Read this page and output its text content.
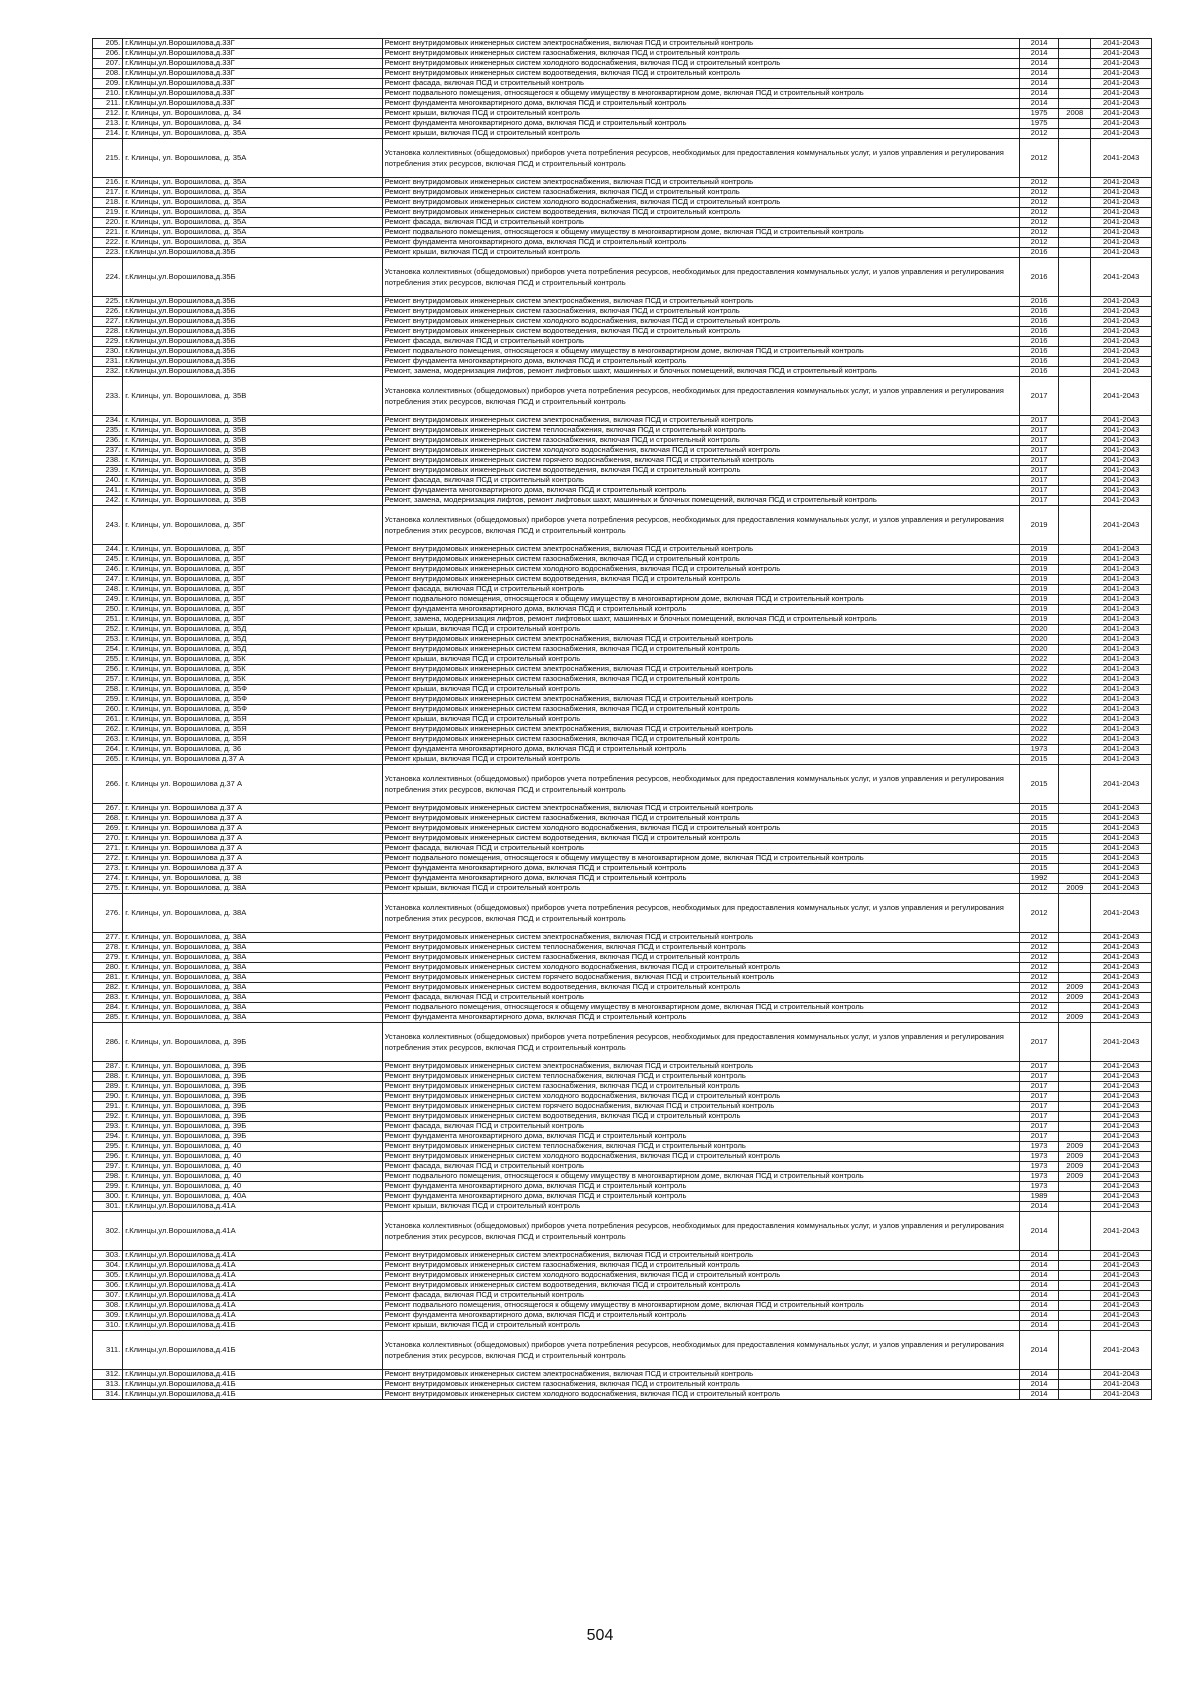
205.	г.Клинцы,ул.Ворошилова,д.33Г	Ремонт внутридомовых инженерных систем электроснабжения, включая ПСД и строительный контроль	2014		2041-2043
206.	г.Клинцы,ул.Ворошилова,д.33Г	Ремонт внутридомовых инженерных систем газоснабжения, включая ПСД и строительный контроль	2014		2041-2043
207.	г.Клинцы,ул.Ворошилова,д.33Г	Ремонт внутридомовых инженерных систем холодного водоснабжения, включая ПСД и строительный контроль	2014		2041-2043
208.	г.Клинцы,ул.Ворошилова,д.33Г	Ремонт внутридомовых инженерных систем водоотведения, включая ПСД и строительный контроль	2014		2041-2043
209.	г.Клинцы,ул.Ворошилова,д.33Г	Ремонт фасада, включая ПСД и строительный контроль	2014		2041-2043
210.	г.Клинцы,ул.Ворошилова,д.33Г	Ремонт подвального помещения, относящегося к общему имуществу в многоквартирном доме, включая ПСД и строительный контроль	2014		2041-2043
211.	г.Клинцы,ул.Ворошилова,д.33Г	Ремонт фундамента многоквартирного дома, включая ПСД и строительный контроль	2014		2041-2043
212.	г. Клинцы, ул. Ворошилова, д. 34	Ремонт крыши, включая ПСД и строительный контроль	1975	2008	2041-2043
213.	г. Клинцы, ул. Ворошилова, д. 34	Ремонт фундамента многоквартирного дома, включая ПСД и строительный контроль	1975		2041-2043
214.	г. Клинцы, ул. Ворошилова, д. 35А	Ремонт крыши, включая ПСД и строительный контроль	2012		2041-2043
215.	г. Клинцы, ул. Ворошилова, д. 35А	Установка коллективных (общедомовых) приборов учета потребления ресурсов, необходимых для предоставления коммунальных услуг, и узлов управления и регулирования потребления этих ресурсов, включая ПСД и строительный контроль	2012		2041-2043
216.	г. Клинцы, ул. Ворошилова, д. 35А	Ремонт внутридомовых инженерных систем электроснабжения, включая ПСД и строительный контроль	2012		2041-2043
217.	г. Клинцы, ул. Ворошилова, д. 35А	Ремонт внутридомовых инженерных систем газоснабжения, включая ПСД и строительный контроль	2012		2041-2043
218.	г. Клинцы, ул. Ворошилова, д. 35А	Ремонт внутридомовых инженерных систем холодного водоснабжения, включая ПСД и строительный контроль	2012		2041-2043
219.	г. Клинцы, ул. Ворошилова, д. 35А	Ремонт внутридомовых инженерных систем водоотведения, включая ПСД и строительный контроль	2012		2041-2043
220.	г. Клинцы, ул. Ворошилова, д. 35А	Ремонт фасада, включая ПСД и строительный контроль	2012		2041-2043
221.	г. Клинцы, ул. Ворошилова, д. 35А	Ремонт подвального помещения, относящегося к общему имуществу в многоквартирном доме, включая ПСД и строительный контроль	2012		2041-2043
222.	г. Клинцы, ул. Ворошилова, д. 35А	Ремонт фундамента многоквартирного дома, включая ПСД и строительный контроль	2012		2041-2043
223.	г.Клинцы,ул.Ворошилова,д.35Б	Ремонт крыши, включая ПСД и строительный контроль	2016		2041-2043
224.	г.Клинцы,ул.Ворошилова,д.35Б	Установка коллективных (общедомовых) приборов учета потребления ресурсов, необходимых для предоставления коммунальных услуг, и узлов управления и регулирования потребления этих ресурсов, включая ПСД и строительный контроль	2016		2041-2043
225.	г.Клинцы,ул.Ворошилова,д.35Б	Ремонт внутридомовых инженерных систем электроснабжения, включая ПСД и строительный контроль	2016		2041-2043
226.	г.Клинцы,ул.Ворошилова,д.35Б	Ремонт внутридомовых инженерных систем газоснабжения, включая ПСД и строительный контроль	2016		2041-2043
227.	г.Клинцы,ул.Ворошилова,д.35Б	Ремонт внутридомовых инженерных систем холодного водоснабжения, включая ПСД и строительный контроль	2016		2041-2043
228.	г.Клинцы,ул.Ворошилова,д.35Б	Ремонт внутридомовых инженерных систем водоотведения, включая ПСД и строительный контроль	2016		2041-2043
229.	г.Клинцы,ул.Ворошилова,д.35Б	Ремонт фасада, включая ПСД и строительный контроль	2016		2041-2043
230.	г.Клинцы,ул.Ворошилова,д.35Б	Ремонт подвального помещения, относящегося к общему имуществу в многоквартирном доме, включая ПСД и строительный контроль	2016		2041-2043
231.	г.Клинцы,ул.Ворошилова,д.35Б	Ремонт фундамента многоквартирного дома, включая ПСД и строительный контроль	2016		2041-2043
232.	г.Клинцы,ул.Ворошилова,д.35Б	Ремонт, замена, модернизация лифтов, ремонт лифтовых шахт, машинных и блочных помещений, включая ПСД и строительный контроль	2016		2041-2043
233.	г. Клинцы, ул. Ворошилова, д. 35В	Установка коллективных (общедомовых) приборов учета потребления ресурсов, необходимых для предоставления коммунальных услуг, и узлов управления и регулирования потребления этих ресурсов, включая ПСД и строительный контроль	2017		2041-2043
234.	г. Клинцы, ул. Ворошилова, д. 35В	Ремонт внутридомовых инженерных систем электроснабжения, включая ПСД и строительный контроль	2017		2041-2043
235.	г. Клинцы, ул. Ворошилова, д. 35В	Ремонт внутридомовых инженерных систем теплоснабжения, включая ПСД и строительный контроль	2017		2041-2043
236.	г. Клинцы, ул. Ворошилова, д. 35В	Ремонт внутридомовых инженерных систем газоснабжения, включая ПСД и строительный контроль	2017		2041-2043
237.	г. Клинцы, ул. Ворошилова, д. 35В	Ремонт внутридомовых инженерных систем холодного водоснабжения, включая ПСД и строительный контроль	2017		2041-2043
238.	г. Клинцы, ул. Ворошилова, д. 35В	Ремонт внутридомовых инженерных систем горячего водоснабжения, включая ПСД и строительный контроль	2017		2041-2043
239.	г. Клинцы, ул. Ворошилова, д. 35В	Ремонт внутридомовых инженерных систем водоотведения, включая ПСД и строительный контроль	2017		2041-2043
240.	г. Клинцы, ул. Ворошилова, д. 35В	Ремонт фасада, включая ПСД и строительный контроль	2017		2041-2043
241.	г. Клинцы, ул. Ворошилова, д. 35В	Ремонт фундамента многоквартирного дома, включая ПСД и строительный контроль	2017		2041-2043
242.	г. Клинцы, ул. Ворошилова, д. 35В	Ремонт, замена, модернизация лифтов, ремонт лифтовых шахт, машинных и блочных помещений, включая ПСД и строительный контроль	2017		2041-2043
243.	г. Клинцы, ул. Ворошилова, д. 35Г	Установка коллективных (общедомовых) приборов учета потребления ресурсов, необходимых для предоставления коммунальных услуг, и узлов управления и регулирования потребления этих ресурсов, включая ПСД и строительный контроль	2019		2041-2043
244.	г. Клинцы, ул. Ворошилова, д. 35Г	Ремонт внутридомовых инженерных систем электроснабжения, включая ПСД и строительный контроль	2019		2041-2043
245.	г. Клинцы, ул. Ворошилова, д. 35Г	Ремонт внутридомовых инженерных систем газоснабжения, включая ПСД и строительный контроль	2019		2041-2043
246.	г. Клинцы, ул. Ворошилова, д. 35Г	Ремонт внутридомовых инженерных систем холодного водоснабжения, включая ПСД и строительный контроль	2019		2041-2043
247.	г. Клинцы, ул. Ворошилова, д. 35Г	Ремонт внутридомовых инженерных систем водоотведения, включая ПСД и строительный контроль	2019		2041-2043
248.	г. Клинцы, ул. Ворошилова, д. 35Г	Ремонт фасада, включая ПСД и строительный контроль	2019		2041-2043
249.	г. Клинцы, ул. Ворошилова, д. 35Г	Ремонт подвального помещения, относящегося к общему имуществу в многоквартирном доме, включая ПСД и строительный контроль	2019		2041-2043
250.	г. Клинцы, ул. Ворошилова, д. 35Г	Ремонт фундамента многоквартирного дома, включая ПСД и строительный контроль	2019		2041-2043
251.	г. Клинцы, ул. Ворошилова, д. 35Г	Ремонт, замена, модернизация лифтов, ремонт лифтовых шахт, машинных и блочных помещений, включая ПСД и строительный контроль	2019		2041-2043
252.	г. Клинцы, ул. Ворошилова, д. 35Д	Ремонт крыши, включая ПСД и строительный контроль	2020		2041-2043
253.	г. Клинцы, ул. Ворошилова, д. 35Д	Ремонт внутридомовых инженерных систем электроснабжения, включая ПСД и строительный контроль	2020		2041-2043
254.	г. Клинцы, ул. Ворошилова, д. 35Д	Ремонт внутридомовых инженерных систем газоснабжения, включая ПСД и строительный контроль	2020		2041-2043
255.	г. Клинцы, ул. Ворошилова, д. 35К	Ремонт крыши, включая ПСД и строительный контроль	2022		2041-2043
256.	г. Клинцы, ул. Ворошилова, д. 35К	Ремонт внутридомовых инженерных систем электроснабжения, включая ПСД и строительный контроль	2022		2041-2043
257.	г. Клинцы, ул. Ворошилова, д. 35К	Ремонт внутридомовых инженерных систем газоснабжения, включая ПСД и строительный контроль	2022		2041-2043
258.	г. Клинцы, ул. Ворошилова, д. 35Ф	Ремонт крыши, включая ПСД и строительный контроль	2022		2041-2043
259.	г. Клинцы, ул. Ворошилова, д. 35Ф	Ремонт внутридомовых инженерных систем электроснабжения, включая ПСД и строительный контроль	2022		2041-2043
260.	г. Клинцы, ул. Ворошилова, д. 35Ф	Ремонт внутридомовых инженерных систем газоснабжения, включая ПСД и строительный контроль	2022		2041-2043
261.	г. Клинцы, ул. Ворошилова, д. 35Я	Ремонт крыши, включая ПСД и строительный контроль	2022		2041-2043
262.	г. Клинцы, ул. Ворошилова, д. 35Я	Ремонт внутридомовых инженерных систем электроснабжения, включая ПСД и строительный контроль	2022		2041-2043
263.	г. Клинцы, ул. Ворошилова, д. 35Я	Ремонт внутридомовых инженерных систем газоснабжения, включая ПСД и строительный контроль	2022		2041-2043
264.	г. Клинцы, ул. Ворошилова, д. 36	Ремонт фундамента многоквартирного дома, включая ПСД и строительный контроль	1973		2041-2043
265.	г. Клинцы, ул. Ворошилова д.37 А	Ремонт крыши, включая ПСД и строительный контроль	2015		2041-2043
266.	г. Клинцы ул. Ворошилова д.37 А	Установка коллективных (общедомовых) приборов учета потребления ресурсов, необходимых для предоставления коммунальных услуг, и узлов управления и регулирования потребления этих ресурсов, включая ПСД и строительный контроль	2015		2041-2043
267.	г. Клинцы ул. Ворошилова д.37 А	Ремонт внутридомовых инженерных систем электроснабжения, включая ПСД и строительный контроль	2015		2041-2043
268.	г. Клинцы ул. Ворошилова д.37 А	Ремонт внутридомовых инженерных систем газоснабжения, включая ПСД и строительный контроль	2015		2041-2043
269.	г. Клинцы ул. Ворошилова д.37 А	Ремонт внутридомовых инженерных систем холодного водоснабжения, включая ПСД и строительный контроль	2015		2041-2043
270.	г. Клинцы ул. Ворошилова д.37 А	Ремонт внутридомовых инженерных систем водоотведения, включая ПСД и строительный контроль	2015		2041-2043
271.	г. Клинцы ул. Ворошилова д.37 А	Ремонт фасада, включая ПСД и строительный контроль	2015		2041-2043
272.	г. Клинцы ул. Ворошилова д.37 А	Ремонт подвального помещения, относящегося к общему имуществу в многоквартирном доме, включая ПСД и строительный контроль	2015		2041-2043
273.	г. Клинцы ул. Ворошилова д.37 А	Ремонт фундамента многоквартирного дома, включая ПСД и строительный контроль	2015		2041-2043
274.	г. Клинцы, ул. Ворошилова, д. 38	Ремонт фундамента многоквартирного дома, включая ПСД и строительный контроль	1992		2041-2043
275.	г. Клинцы, ул. Ворошилова, д. 38А	Ремонт крыши, включая ПСД и строительный контроль	2012	2009	2041-2043
276.	г. Клинцы, ул. Ворошилова, д. 38А	Установка коллективных (общедомовых) приборов учета потребления ресурсов, необходимых для предоставления коммунальных услуг, и узлов управления и регулирования потребления этих ресурсов, включая ПСД и строительный контроль	2012		2041-2043
277.	г. Клинцы, ул. Ворошилова, д. 38А	Ремонт внутридомовых инженерных систем электроснабжения, включая ПСД и строительный контроль	2012		2041-2043
278.	г. Клинцы, ул. Ворошилова, д. 38А	Ремонт внутридомовых инженерных систем теплоснабжения, включая ПСД и строительный контроль	2012		2041-2043
279.	г. Клинцы, ул. Ворошилова, д. 38А	Ремонт внутридомовых инженерных систем газоснабжения, включая ПСД и строительный контроль	2012		2041-2043
280.	г. Клинцы, ул. Ворошилова, д. 38А	Ремонт внутридомовых инженерных систем холодного водоснабжения, включая ПСД и строительный контроль	2012		2041-2043
281.	г. Клинцы, ул. Ворошилова, д. 38А	Ремонт внутридомовых инженерных систем горячего водоснабжения, включая ПСД и строительный контроль	2012		2041-2043
282.	г. Клинцы, ул. Ворошилова, д. 38А	Ремонт внутридомовых инженерных систем водоотведения, включая ПСД и строительный контроль	2012	2009	2041-2043
283.	г. Клинцы, ул. Ворошилова, д. 38А	Ремонт фасада, включая ПСД и строительный контроль	2012	2009	2041-2043
284.	г. Клинцы, ул. Ворошилова, д. 38А	Ремонт подвального помещения, относящегося к общему имуществу в многоквартирном доме, включая ПСД и строительный контроль	2012		2041-2043
285.	г. Клинцы, ул. Ворошилова, д. 38А	Ремонт фундамента многоквартирного дома, включая ПСД и строительный контроль	2012	2009	2041-2043
286.	г. Клинцы, ул. Ворошилова, д. 39Б	Установка коллективных (общедомовых) приборов учета потребления ресурсов, необходимых для предоставления коммунальных услуг, и узлов управления и регулирования потребления этих ресурсов, включая ПСД и строительный контроль	2017		2041-2043
287.	г. Клинцы, ул. Ворошилова, д. 39Б	Ремонт внутридомовых инженерных систем электроснабжения, включая ПСД и строительный контроль	2017		2041-2043
288.	г. Клинцы, ул. Ворошилова, д. 39Б	Ремонт внутридомовых инженерных систем теплоснабжения, включая ПСД и строительный контроль	2017		2041-2043
289.	г. Клинцы, ул. Ворошилова, д. 39Б	Ремонт внутридомовых инженерных систем газоснабжения, включая ПСД и строительный контроль	2017		2041-2043
290.	г. Клинцы, ул. Ворошилова, д. 39Б	Ремонт внутридомовых инженерных систем холодного водоснабжения, включая ПСД и строительный контроль	2017		2041-2043
291.	г. Клинцы, ул. Ворошилова, д. 39Б	Ремонт внутридомовых инженерных систем горячего водоснабжения, включая ПСД и строительный контроль	2017		2041-2043
292.	г. Клинцы, ул. Ворошилова, д. 39Б	Ремонт внутридомовых инженерных систем водоотведения, включая ПСД и строительный контроль	2017		2041-2043
293.	г. Клинцы, ул. Ворошилова, д. 39Б	Ремонт фасада, включая ПСД и строительный контроль	2017		2041-2043
294.	г. Клинцы, ул. Ворошилова, д. 39Б	Ремонт фундамента многоквартирного дома, включая ПСД и строительный контроль	2017		2041-2043
295.	г. Клинцы, ул. Ворошилова, д. 40	Ремонт внутридомовых инженерных систем теплоснабжения, включая ПСД и строительный контроль	1973	2009	2041-2043
296.	г. Клинцы, ул. Ворошилова, д. 40	Ремонт внутридомовых инженерных систем холодного водоснабжения, включая ПСД и строительный контроль	1973	2009	2041-2043
297.	г. Клинцы, ул. Ворошилова, д. 40	Ремонт фасада, включая ПСД и строительный контроль	1973	2009	2041-2043
298.	г. Клинцы, ул. Ворошилова, д. 40	Ремонт подвального помещения, относящегося к общему имуществу в многоквартирном доме, включая ПСД и строительный контроль	1973	2009	2041-2043
299.	г. Клинцы, ул. Ворошилова, д. 40	Ремонт фундамента многоквартирного дома, включая ПСД и строительный контроль	1973		2041-2043
300.	г. Клинцы, ул. Ворошилова, д. 40А	Ремонт фундамента многоквартирного дома, включая ПСД и строительный контроль	1989		2041-2043
301.	г.Клинцы,ул.Ворошилова,д.41А	Ремонт крыши, включая ПСД и строительный контроль	2014		2041-2043
302.	г.Клинцы,ул.Ворошилова,д.41А	Установка коллективных (общедомовых) приборов учета потребления ресурсов, необходимых для предоставления коммунальных услуг, и узлов управления и регулирования потребления этих ресурсов, включая ПСД и строительный контроль	2014		2041-2043
303.	г.Клинцы,ул.Ворошилова,д.41А	Ремонт внутридомовых инженерных систем электроснабжения, включая ПСД и строительный контроль	2014		2041-2043
304.	г.Клинцы,ул.Ворошилова,д.41А	Ремонт внутридомовых инженерных систем газоснабжения, включая ПСД и строительный контроль	2014		2041-2043
305.	г.Клинцы,ул.Ворошилова,д.41А	Ремонт внутридомовых инженерных систем холодного водоснабжения, включая ПСД и строительный контроль	2014		2041-2043
306.	г.Клинцы,ул.Ворошилова,д.41А	Ремонт внутридомовых инженерных систем водоотведения, включая ПСД и строительный контроль	2014		2041-2043
307.	г.Клинцы,ул.Ворошилова,д.41А	Ремонт фасада, включая ПСД и строительный контроль	2014		2041-2043
308.	г.Клинцы,ул.Ворошилова,д.41А	Ремонт подвального помещения, относящегося к общему имуществу в многоквартирном доме, включая ПСД и строительный контроль	2014		2041-2043
309.	г.Клинцы,ул.Ворошилова,д.41А	Ремонт фундамента многоквартирного дома, включая ПСД и строительный контроль	2014		2041-2043
310.	г.Клинцы,ул.Ворошилова,д.41Б	Ремонт крыши, включая ПСД и строительный контроль	2014		2041-2043
311.	г.Клинцы,ул.Ворошилова,д.41Б	Установка коллективных (общедомовых) приборов учета потребления ресурсов, необходимых для предоставления коммунальных услуг, и узлов управления и регулирования потребления этих ресурсов, включая ПСД и строительный контроль	2014		2041-2043
312.	г.Клинцы,ул.Ворошилова,д.41Б	Ремонт внутридомовых инженерных систем электроснабжения, включая ПСД и строительный контроль	2014		2041-2043
313.	г.Клинцы,ул.Ворошилова,д.41Б	Ремонт внутридомовых инженерных систем газоснабжения, включая ПСД и строительный контроль	2014		2041-2043
314.	г.Клинцы,ул.Ворошилова,д.41Б	Ремонт внутридомовых инженерных систем холодного водоснабжения, включая ПСД и строительный контроль	2014		2041-2043
504
